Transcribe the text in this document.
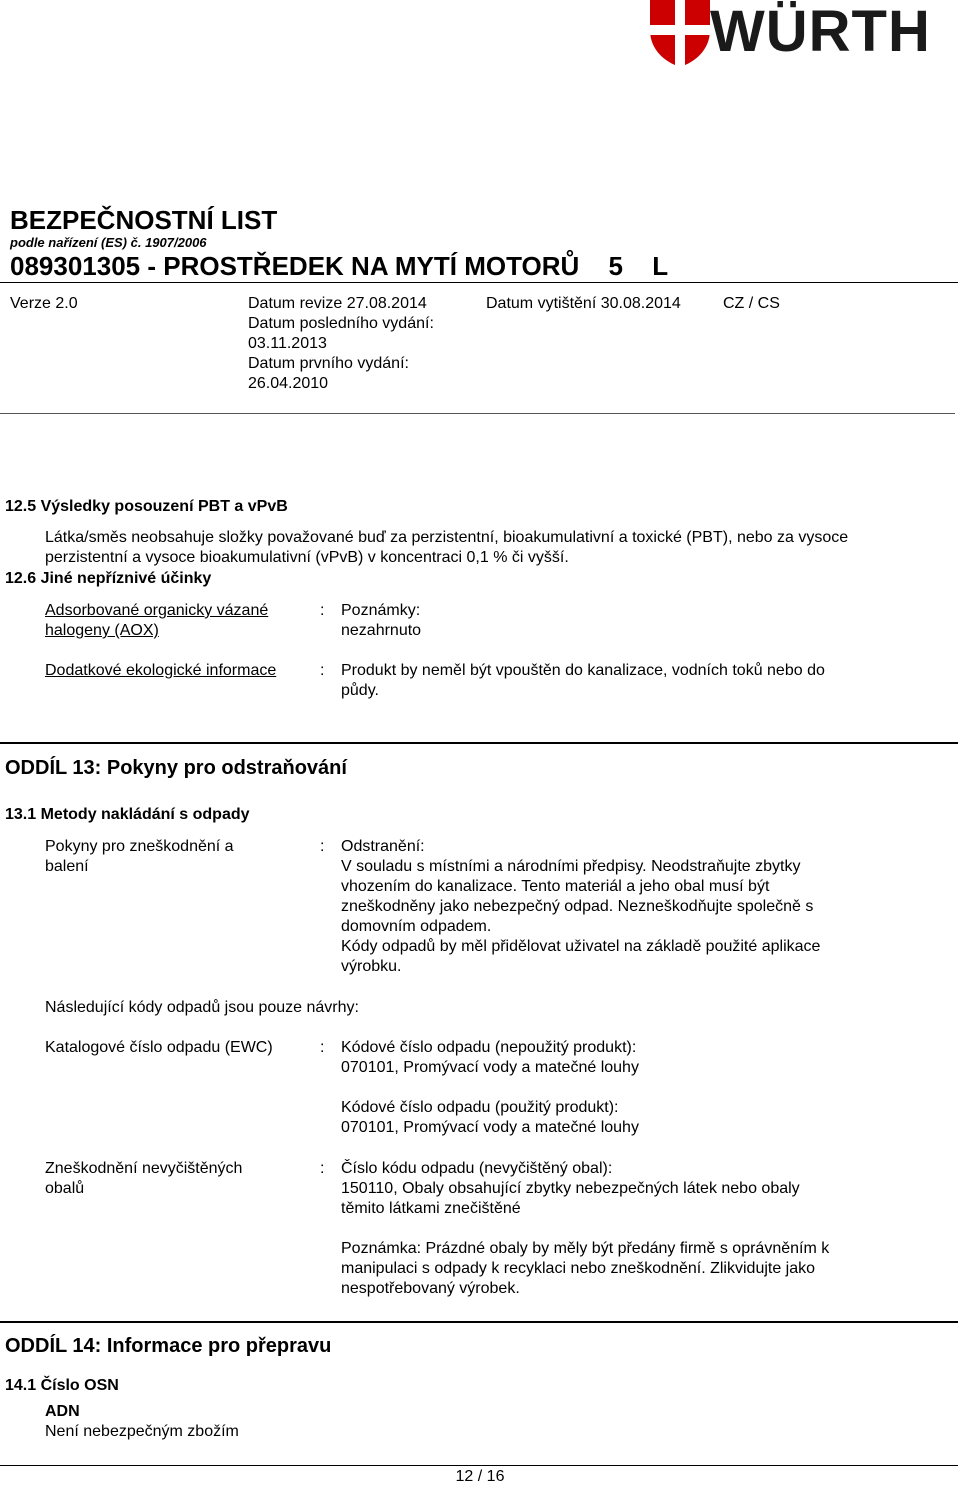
WÜRTH
BEZPEČNOSTNÍ LIST
podle nařízení (ES) č. 1907/2006
089301305 - PROSTŘEDEK NA MYTÍ MOTORŮ 5 L
Verze 2.0	Datum revize 27.08.2014
Datum posledního vydání:
03.11.2013
Datum prvního vydání:
26.04.2010
Datum vytištění 30.08.2014	CZ / CS
12.5 Výsledky posouzení PBT a vPvB
Látka/směs neobsahuje složky považované buď za perzistentní, bioakumulativní a toxické (PBT), nebo za vysoce
perzistentní a vysoce bioakumulativní (vPvB) v koncentraci 0,1 % či vyšší.
12.6 Jiné nepříznivé účinky
Adsorbované organicky vázané
halogeny (AOX)
: Poznámky:
nezahrnuto
Dodatkové ekologické informace	: Produkt by neměl být vpouštěn do kanalizace, vodních toků nebo do
půdy.
ODDÍL 13: Pokyny pro odstraňování
13.1 Metody nakládání s odpady
Pokyny pro zneškodnění a
balení
: Odstranění:
V souladu s místními a národními předpisy. Neodstraňujte zbytky
vhozením do kanalizace. Tento materiál a jeho obal musí být
zneškodněny jako nebezpečný odpad. Nezneškodňujte společně s
domovním odpadem.
Kódy odpadů by měl přidělovat uživatel na základě použité aplikace
výrobku.
Následující kódy odpadů jsou pouze návrhy:
Katalogové číslo odpadu (EWC)	: Kódové číslo odpadu (nepoužitý produkt):
070101, Promývací vody a matečné louhy
Kódové číslo odpadu (použitý produkt):
070101, Promývací vody a matečné louhy
Zneškodnění nevyčištěných
obalů
: Číslo kódu odpadu (nevyčištěný obal):
150110, Obaly obsahující zbytky nebezpečných látek nebo obaly
těmito látkami znečištěné
Poznámka: Prázdné obaly by měly být předány firmě s oprávněním k
manipulaci s odpady k recyklaci nebo zneškodnění. Zlikvidujte jako
nespotřebovaný výrobek.
ODDÍL 14: Informace pro přepravu
14.1 Číslo OSN
ADN
Není nebezpečným zbožím
12 / 16
